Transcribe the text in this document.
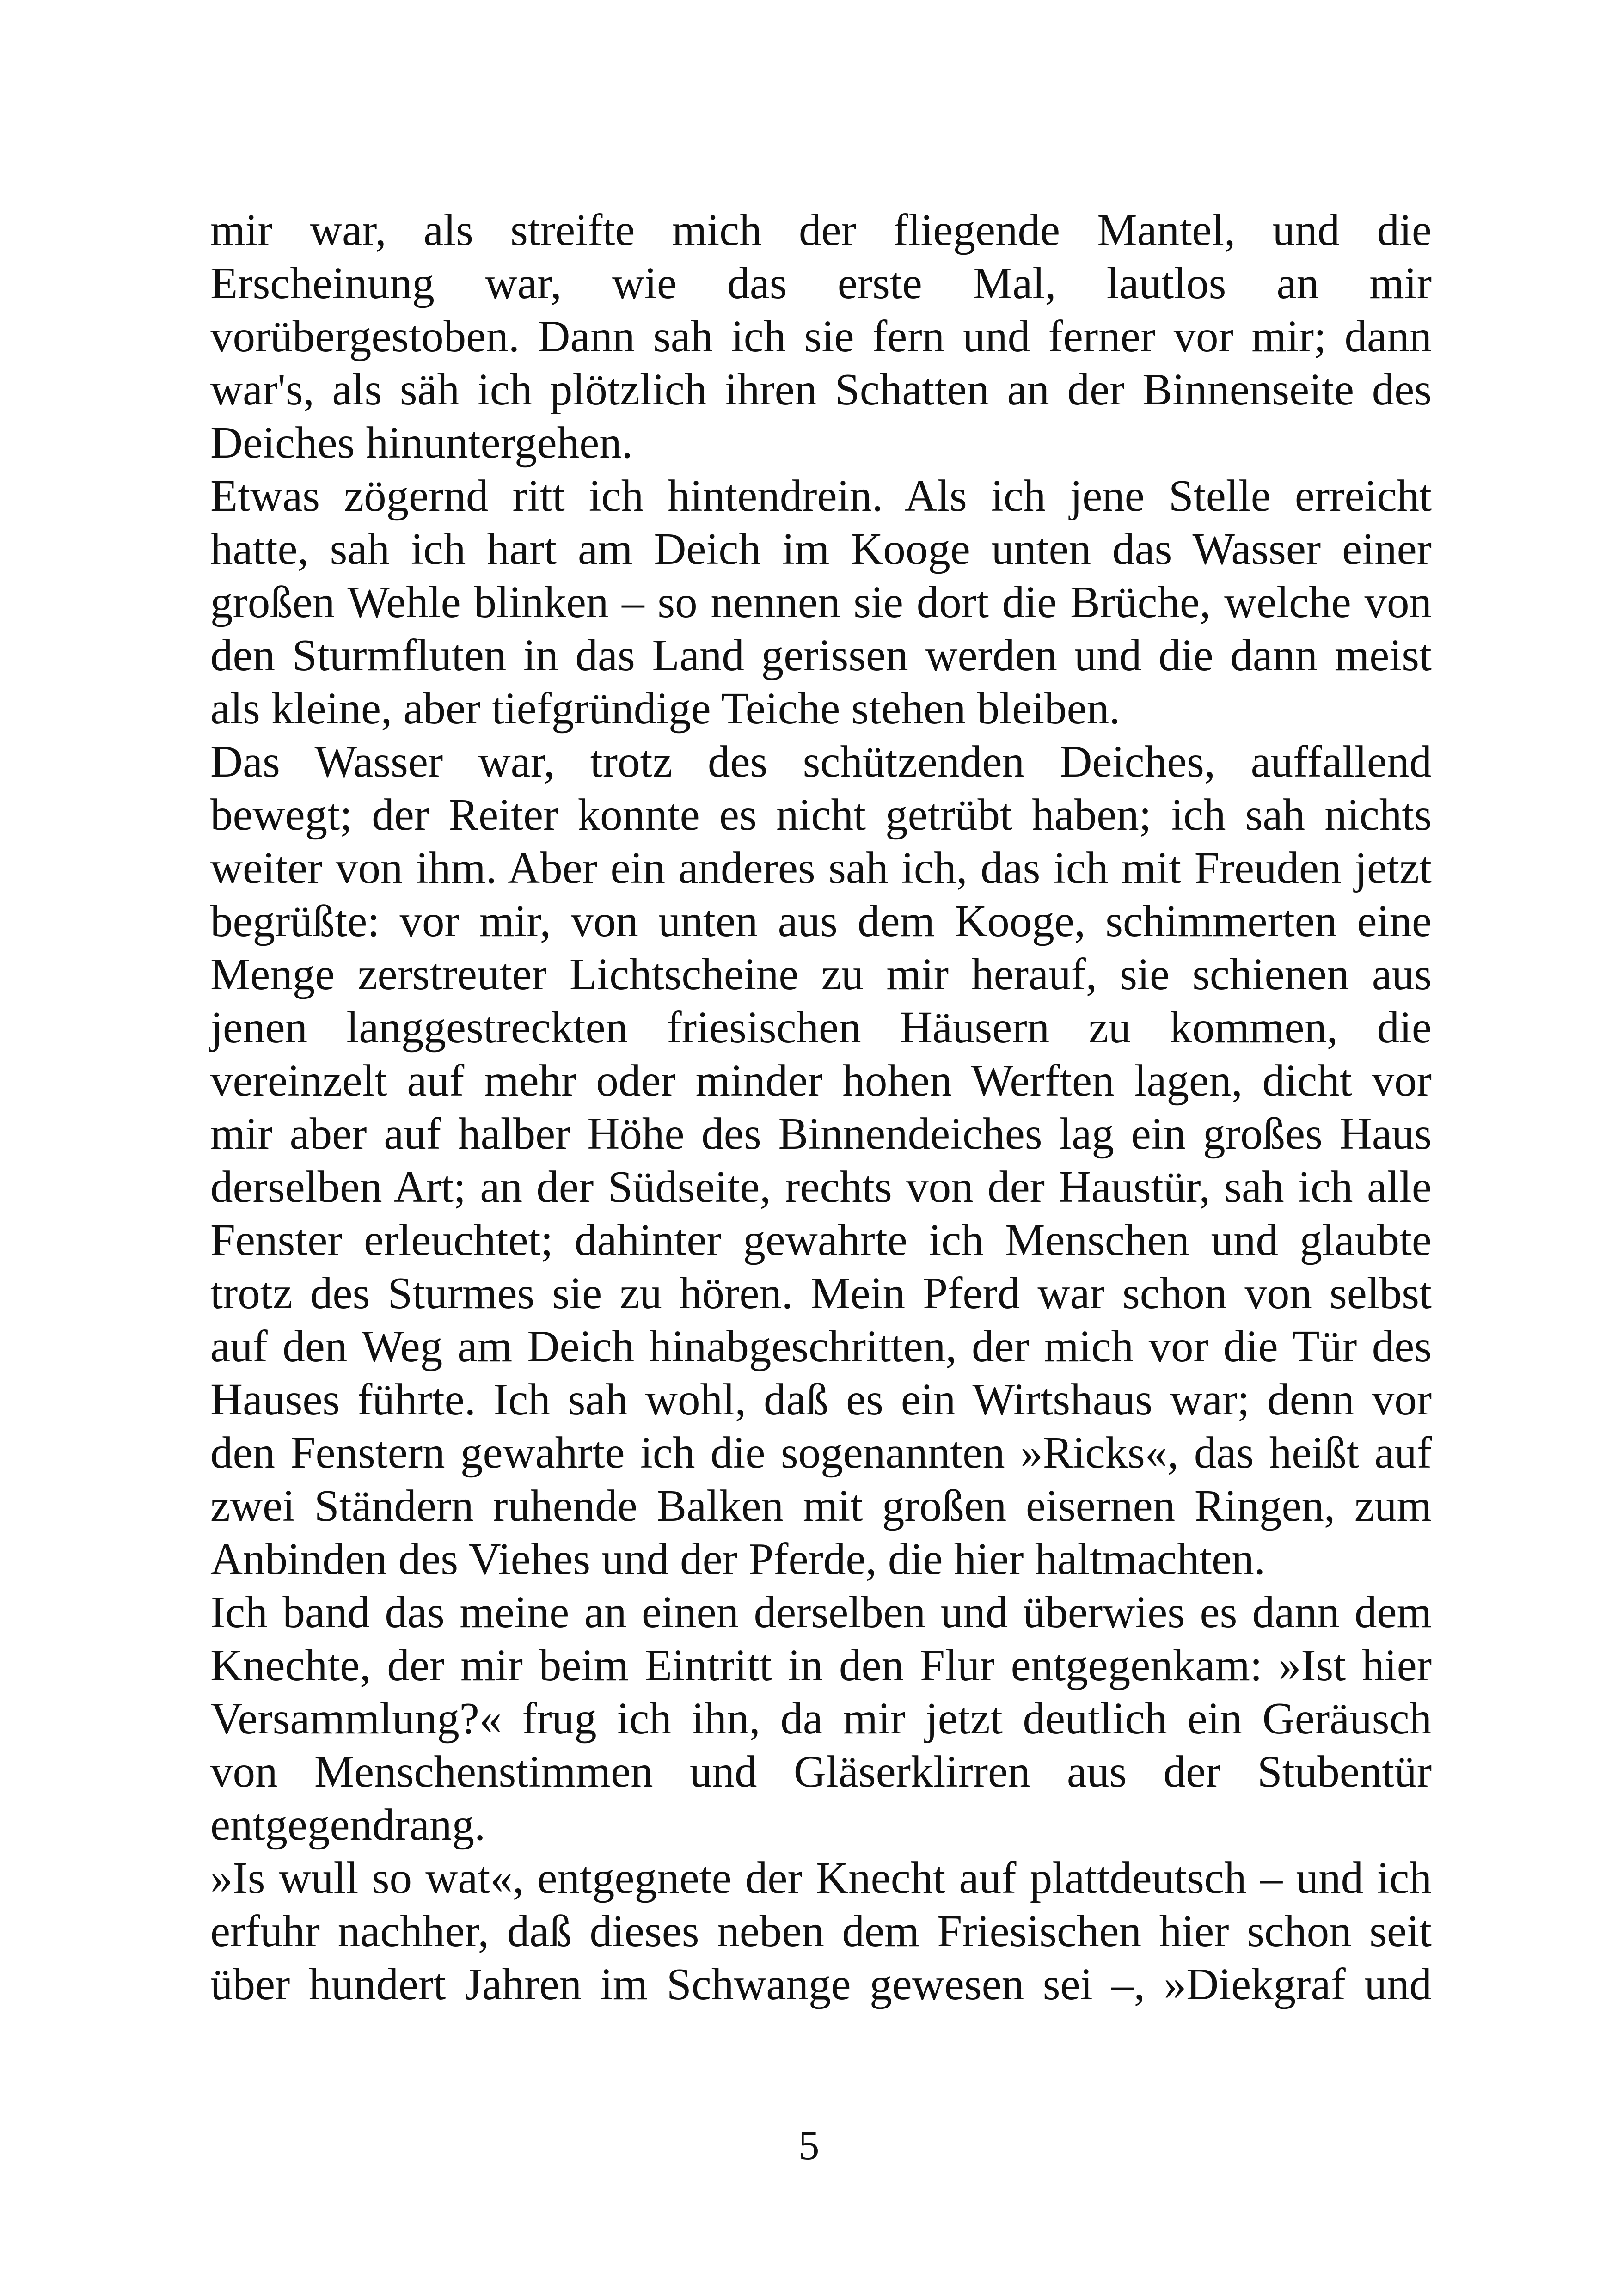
mir war, als streifte mich der fliegende Mantel, und die
Erscheinung war, wie das erste Mal, lautlos an mir
vorübergestoben. Dann sah ich sie fern und ferner vor mir; dann
war's, als säh ich plötzlich ihren Schatten an der Binnenseite des
Deiches hinuntergehen.
Etwas zögernd ritt ich hintendrein. Als ich jene Stelle erreicht
hatte, sah ich hart am Deich im Kooge unten das Wasser einer
großen Wehle blinken – so nennen sie dort die Brüche, welche von
den Sturmfluten in das Land gerissen werden und die dann meist
als kleine, aber tiefgründige Teiche stehen bleiben.
Das Wasser war, trotz des schützenden Deiches, auffallend
bewegt; der Reiter konnte es nicht getrübt haben; ich sah nichts
weiter von ihm. Aber ein anderes sah ich, das ich mit Freuden jetzt
begrüßte: vor mir, von unten aus dem Kooge, schimmerten eine
Menge zerstreuter Lichtscheine zu mir herauf, sie schienen aus
jenen langgestreckten friesischen Häusern zu kommen, die
vereinzelt auf mehr oder minder hohen Werften lagen, dicht vor
mir aber auf halber Höhe des Binnendeiches lag ein großes Haus
derselben Art; an der Südseite, rechts von der Haustür, sah ich alle
Fenster erleuchtet; dahinter gewahrte ich Menschen und glaubte
trotz des Sturmes sie zu hören. Mein Pferd war schon von selbst
auf den Weg am Deich hinabgeschritten, der mich vor die Tür des
Hauses führte. Ich sah wohl, daß es ein Wirtshaus war; denn vor
den Fenstern gewahrte ich die sogenannten »Ricks«, das heißt auf
zwei Ständern ruhende Balken mit großen eisernen Ringen, zum
Anbinden des Viehes und der Pferde, die hier haltmachten.
Ich band das meine an einen derselben und überwies es dann dem
Knechte, der mir beim Eintritt in den Flur entgegenkam: »Ist hier
Versammlung?« frug ich ihn, da mir jetzt deutlich ein Geräusch
von Menschenstimmen und Gläserklirren aus der Stubentür
entgegendrang.
»Is wull so wat«, entgegnete der Knecht auf plattdeutsch – und ich
erfuhr nachher, daß dieses neben dem Friesischen hier schon seit
über hundert Jahren im Schwange gewesen sei –, »Diekgraf und
5
